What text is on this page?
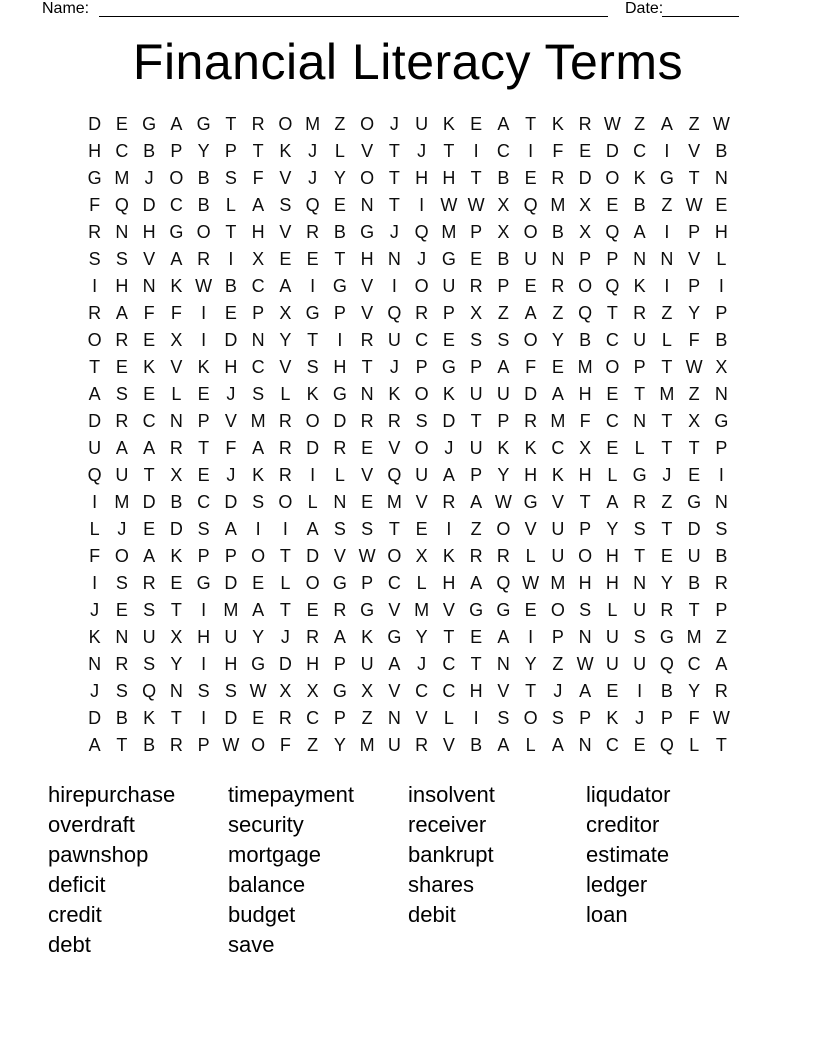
Name:	Date:
Financial Literacy Terms
D E G A G T R O M Z O J U K E A T K R W Z A Z W
H C B P Y P T K J L V T J T	I	C	I	F E D C	I	V B
G M J O B S F V J Y O T H H T B E R D O K G T N
F Q D C B L A S Q E N T	I W W X Q M X E B Z W E
R N H G O T H V R B G J Q M P X O B X Q A	I	P H
S S V A R	I	X E E T H N J G E B U N P P N N V L
I	H N K W B C A	I G V	I O U R P E R O Q K	I	P	I
R A F F	I	E P X G P V Q R P X Z A Z Q T R Z Y P
O R E X	I	D N Y T	I	R U C E S S O Y B C U L F B
T E K V K H C V S H T J P G P A F E M O P T W X
A S E L E J S L K G N K O K U U D A H E T M Z N
D R C N P V M R O D R R S D T P R M F C N T X G
U A A R T F A R D R E V O J U K K C X E L T T P
Q U T X E J K R	I	L V Q U A P Y H K H L G J E	I
I M D B C D S O L N E M V R A W G V T A R Z G N
L J E D S A	I	I	A S S T E	I	Z O V U P Y S T D S
F O A K P P O T D V W O X K R R L U O H T E U B
I	S R E G D E L O G P C L H A Q W M H H N Y B R
J E S T	I M A T E R G V M V G G E O S L U R T P
K N U X H U Y J R A K G Y T E A	I	P N U S G M Z
N R S Y	I	H G D H P U A J C T N Y Z W U U Q C A
J S Q N S S W X X G X V C C H V T J A E	I	B Y R
D B K T	I	D E R C P Z N V L	I	S O S P K J P F W
A T B R P W O F Z Y M U R V B A L A N C E Q L T
hirepurchase
overdraft
pawnshop
deficit
credit
debt
timepayment
security
mortgage
balance
budget
save
insolvent
receiver
bankrupt
shares
debit
liqudator
creditor
estimate
ledger
loan
